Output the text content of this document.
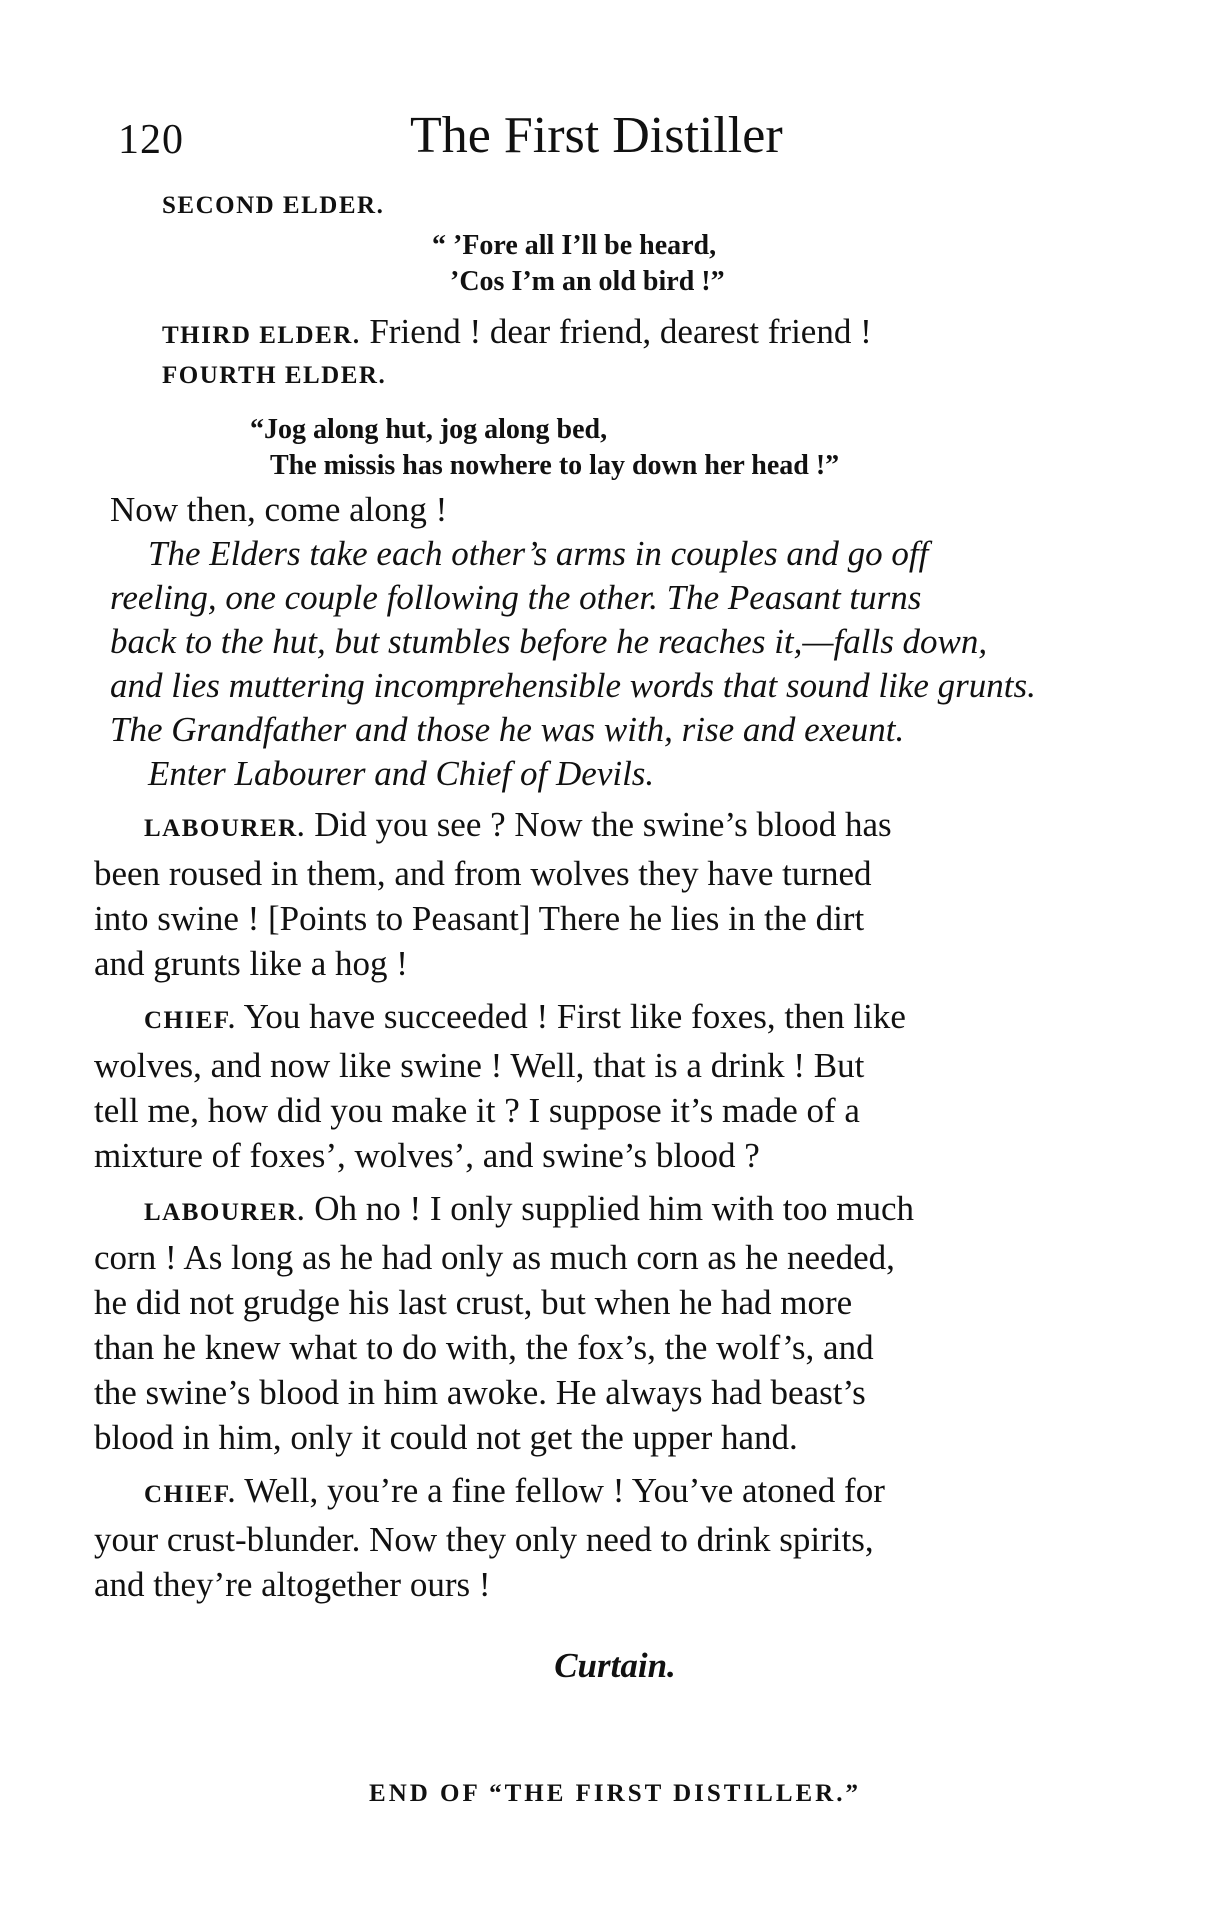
120	The First Distiller
SECOND ELDER.
“ ’Fore all I’ll be heard,
’Cos I’m an old bird !”
THIRD ELDER. Friend ! dear friend, dearest friend !
FOURTH ELDER.
“Jog along hut, jog along bed,
The missis has nowhere to lay down her head !”
Now then, come along !
The Elders take each other’s arms in couples and go off
reeling, one couple following the other. The Peasant turns
back to the hut, but stumbles before he reaches it,—falls down,
and lies muttering incomprehensible words that sound like grunts.
The Grandfather and those he was with, rise and exeunt.
Enter Labourer and Chief of Devils.
LABOURER. Did you see ? Now the swine’s blood has
been roused in them, and from wolves they have turned
into swine ! [Points to Peasant] There he lies in the dirt
and grunts like a hog !
CHIEF. You have succeeded ! First like foxes, then like
wolves, and now like swine ! Well, that is a drink ! But
tell me, how did you make it ? I suppose it’s made of a
mixture of foxes’, wolves’, and swine’s blood ?
LABOURER. Oh no ! I only supplied him with too much
corn ! As long as he had only as much corn as he needed,
he did not grudge his last crust, but when he had more
than he knew what to do with, the fox’s, the wolf’s, and
the swine’s blood in him awoke. He always had beast’s
blood in him, only it could not get the upper hand.
CHIEF. Well, you’re a fine fellow ! You’ve atoned for
your crust-blunder. Now they only need to drink spirits,
and they’re altogether ours !
Curtain.
END OF “THE FIRST DISTILLER.”
